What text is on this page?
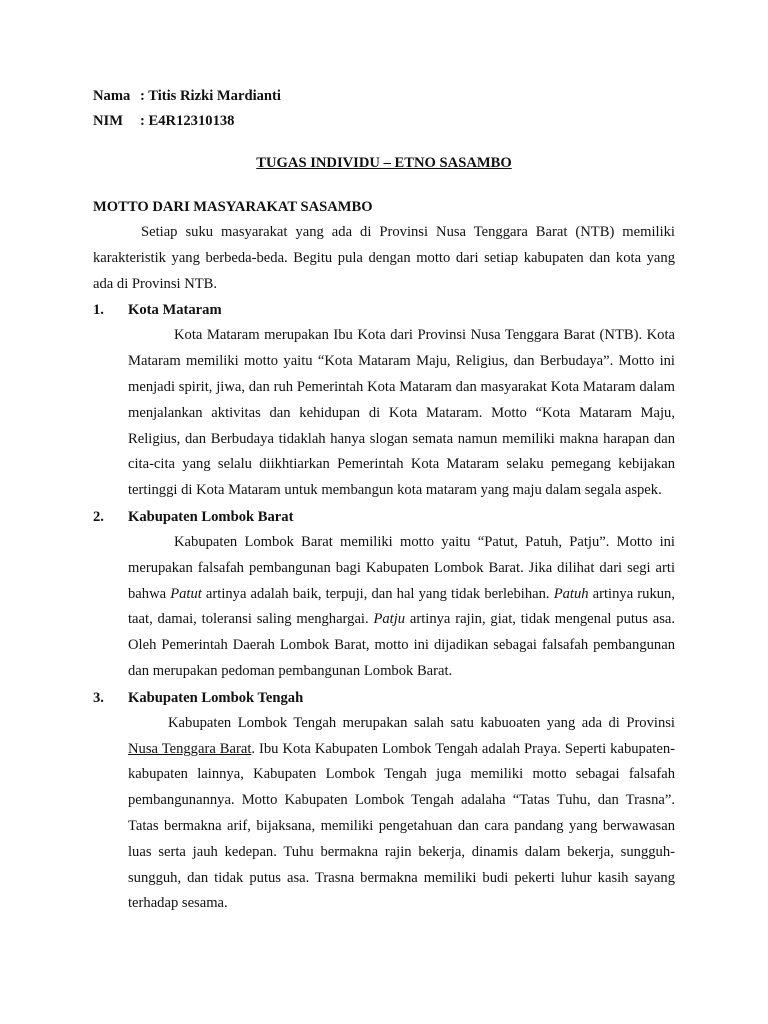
Nama : Titis Rizki Mardianti
NIM	: E4R12310138
TUGAS INDIVIDU – ETNO SASAMBO
MOTTO DARI MASYARAKAT SASAMBO

Setiap suku masyarakat yang ada di Provinsi Nusa Tenggara Barat (NTB) memiliki karakteristik yang berbeda-beda. Begitu pula dengan motto dari setiap kabupaten dan kota yang ada di Provinsi NTB.

1.	Kota Mataram
Kota Mataram merupakan Ibu Kota dari Provinsi Nusa Tenggara Barat (NTB). Kota Mataram memiliki motto yaitu “Kota Mataram Maju, Religius, dan Berbudaya”. Motto ini menjadi spirit, jiwa, dan ruh Pemerintah Kota Mataram dan masyarakat Kota Mataram dalam menjalankan aktivitas dan kehidupan di Kota Mataram. Motto “Kota Mataram Maju, Religius, dan Berbudaya tidaklah hanya slogan semata namun memiliki makna harapan dan cita-cita yang selalu diikhtiarkan Pemerintah Kota Mataram selaku pemegang kebijakan tertinggi di Kota Mataram untuk membangun kota mataram yang maju dalam segala aspek.
2.	Kabupaten Lombok Barat
Kabupaten Lombok Barat memiliki motto yaitu “Patut, Patuh, Patju”. Motto ini merupakan falsafah pembangunan bagi Kabupaten Lombok Barat. Jika dilihat dari segi arti bahwa Patut artinya adalah baik, terpuji, dan hal yang tidak berlebihan. Patuh artinya rukun, taat, damai, toleransi saling menghargai. Patju artinya rajin, giat, tidak mengenal putus asa. Oleh Pemerintah Daerah Lombok Barat, motto ini dijadikan sebagai falsafah pembangunan dan merupakan pedoman pembangunan Lombok Barat.
3.	Kabupaten Lombok Tengah
Kabupaten Lombok Tengah merupakan salah satu kabuoaten yang ada di Provinsi Nusa Tenggara Barat. Ibu Kota Kabupaten Lombok Tengah adalah Praya. Seperti kabupaten-kabupaten lainnya, Kabupaten Lombok Tengah juga memiliki motto sebagai falsafah pembangunannya. Motto Kabupaten Lombok Tengah adalaha “Tatas Tuhu, dan Trasna”. Tatas bermakna arif, bijaksana, memiliki pengetahuan dan cara pandang yang berwawasan luas serta jauh kedepan. Tuhu bermakna rajin bekerja, dinamis dalam bekerja, sungguh-sungguh, dan tidak putus asa. Trasna bermakna memiliki budi pekerti luhur kasih sayang terhadap sesama.
